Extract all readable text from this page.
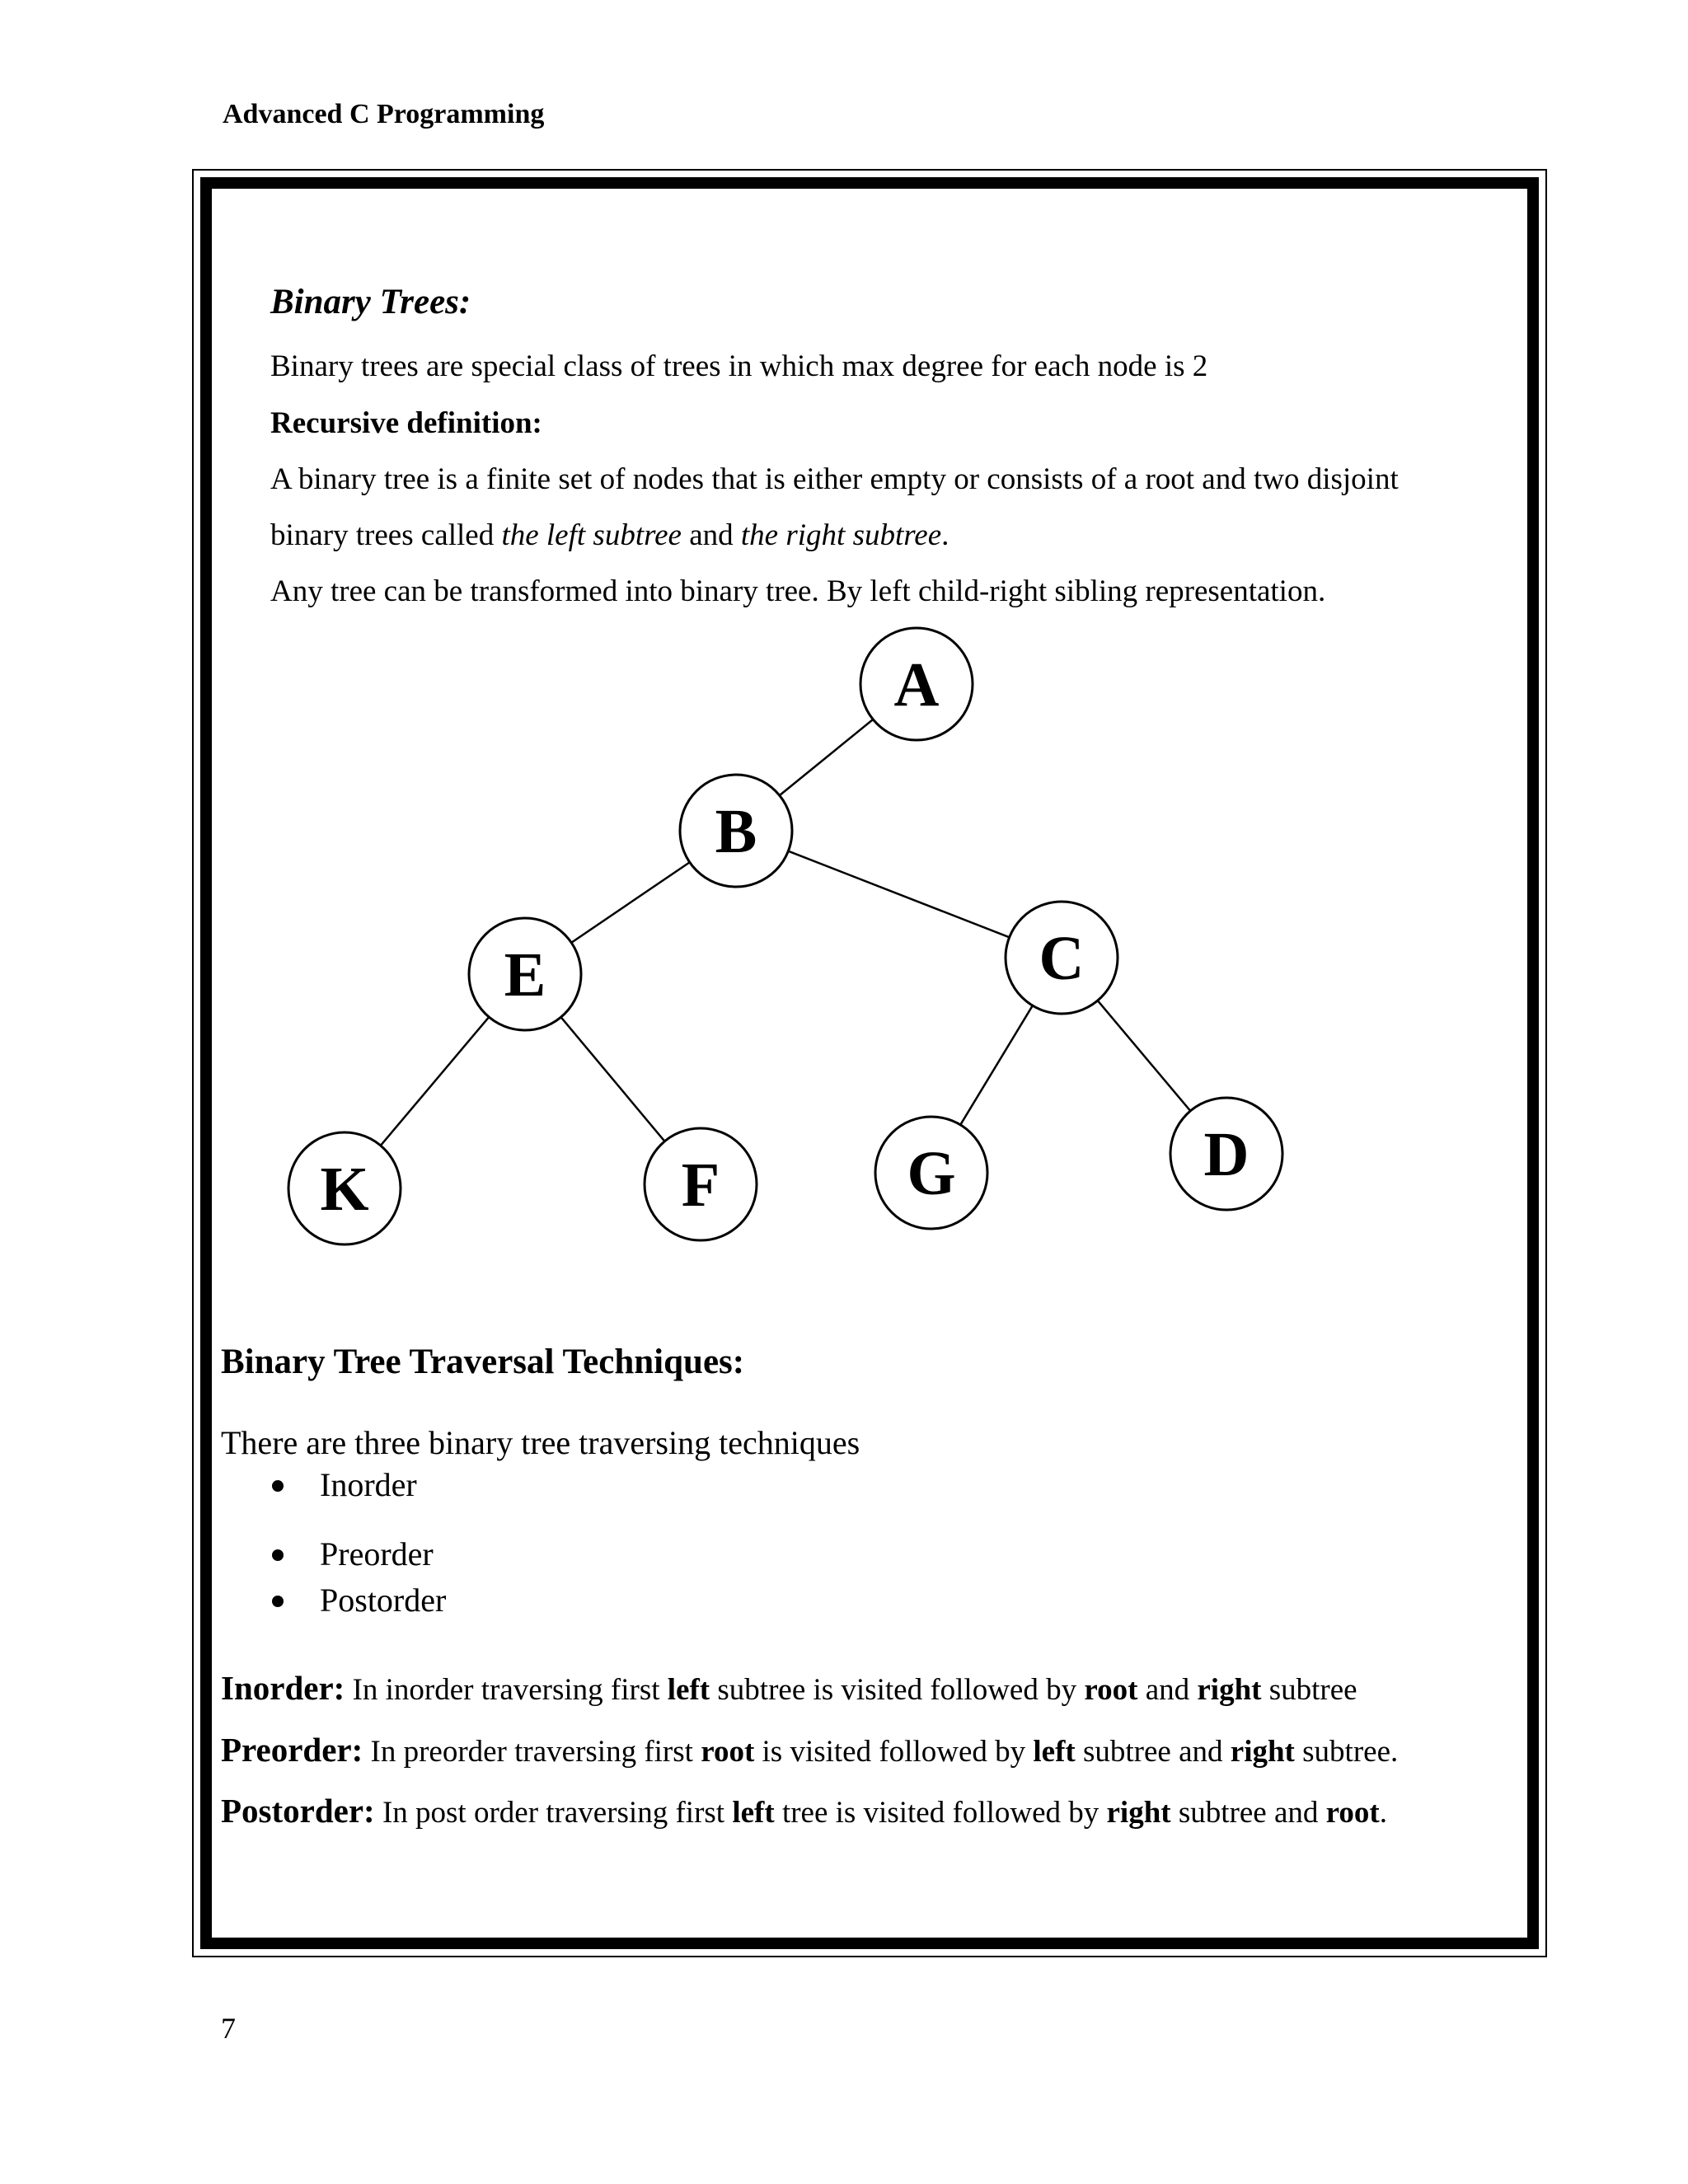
Advanced C Programming
Binary Trees:
Binary trees are special class of trees in which max degree for each node is 2
Recursive definition:
A binary tree is a finite set of nodes that is either empty or consists of a root and two disjoint
binary trees called the left subtree and the right subtree.
Any tree can be transformed into binary tree. By left child-right sibling representation.
A
B
C
D
E
F	G
K
Binary Tree Traversal Techniques:
There are three binary tree traversing techniques
Inorder
Preorder
Postorder
Inorder: In inorder traversing first left subtree is visited followed by root and right subtree
Preorder: In preorder traversing first root is visited followed by left subtree and right subtree.
Postorder: In post order traversing first left tree is visited followed by right subtree and root.
7
